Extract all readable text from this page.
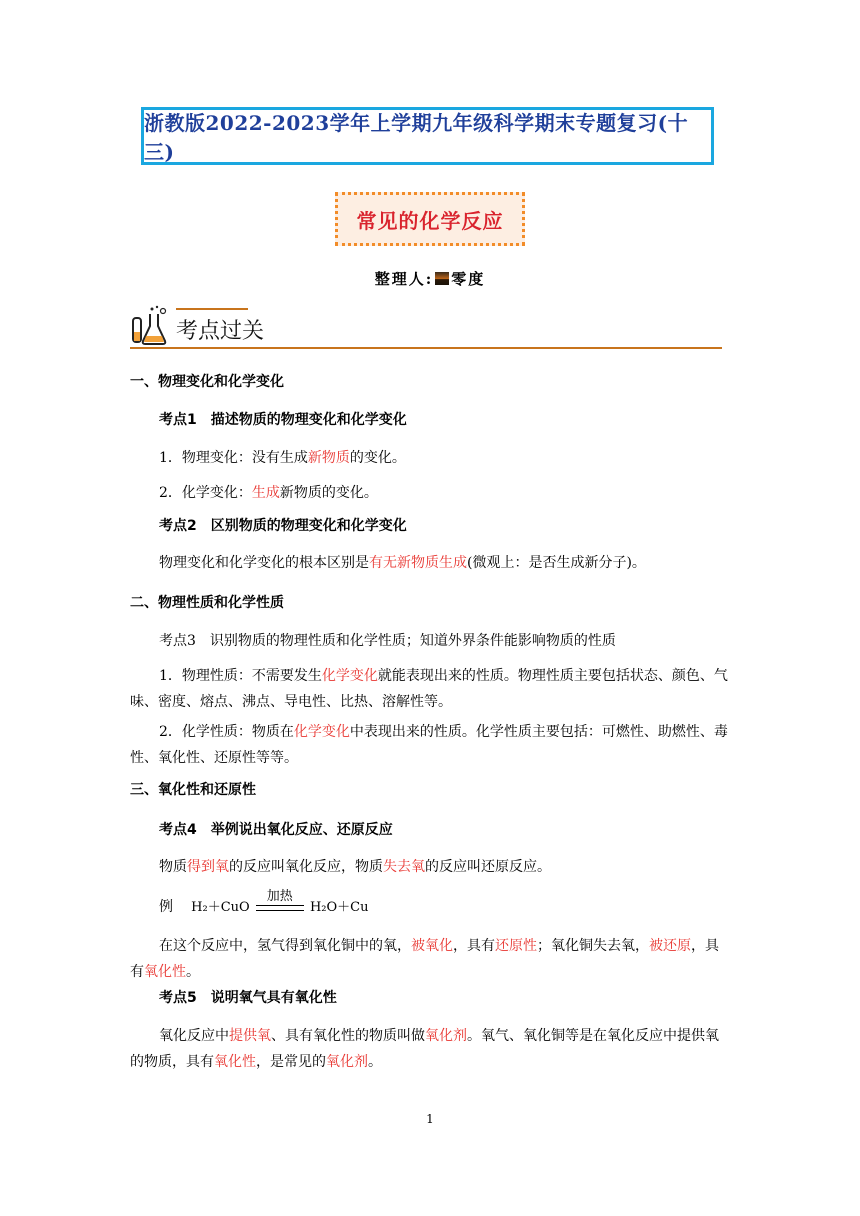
浙教版2022-2023学年上学期九年级科学期末专题复习(十三)
常见的化学反应
整理人: 零度
考点过关
一、物理变化和化学变化
考点1　描述物质的物理变化和化学变化
1．物理变化：没有生成新物质的变化。
2．化学变化：生成新物质的变化。
考点2　区别物质的物理变化和化学变化
物理变化和化学变化的根本区别是有无新物质生成(微观上：是否生成新分子)。
二、物理性质和化学性质
考点3　识别物质的物理性质和化学性质；知道外界条件能影响物质的性质
1．物理性质：不需要发生化学变化就能表现出来的性质。物理性质主要包括状态、颜色、气味、密度、熔点、沸点、导电性、比热、溶解性等。
2．化学性质：物质在化学变化中表现出来的性质。化学性质主要包括：可燃性、助燃性、毒性、氧化性、还原性等等。
三、氧化性和还原性
考点4　举例说出氧化反应、还原反应
物质得到氧的反应叫氧化反应，物质失去氧的反应叫还原反应。
例 H₂＋CuO
加热
H₂O＋Cu
在这个反应中，氢气得到氧化铜中的氧，被氧化，具有还原性；氧化铜失去氧，被还原，具有氧化性。
考点5　说明氧气具有氧化性
氧化反应中提供氧、具有氧化性的物质叫做氧化剂。氧气、氧化铜等是在氧化反应中提供氧的物质，具有氧化性，是常见的氧化剂。
1
